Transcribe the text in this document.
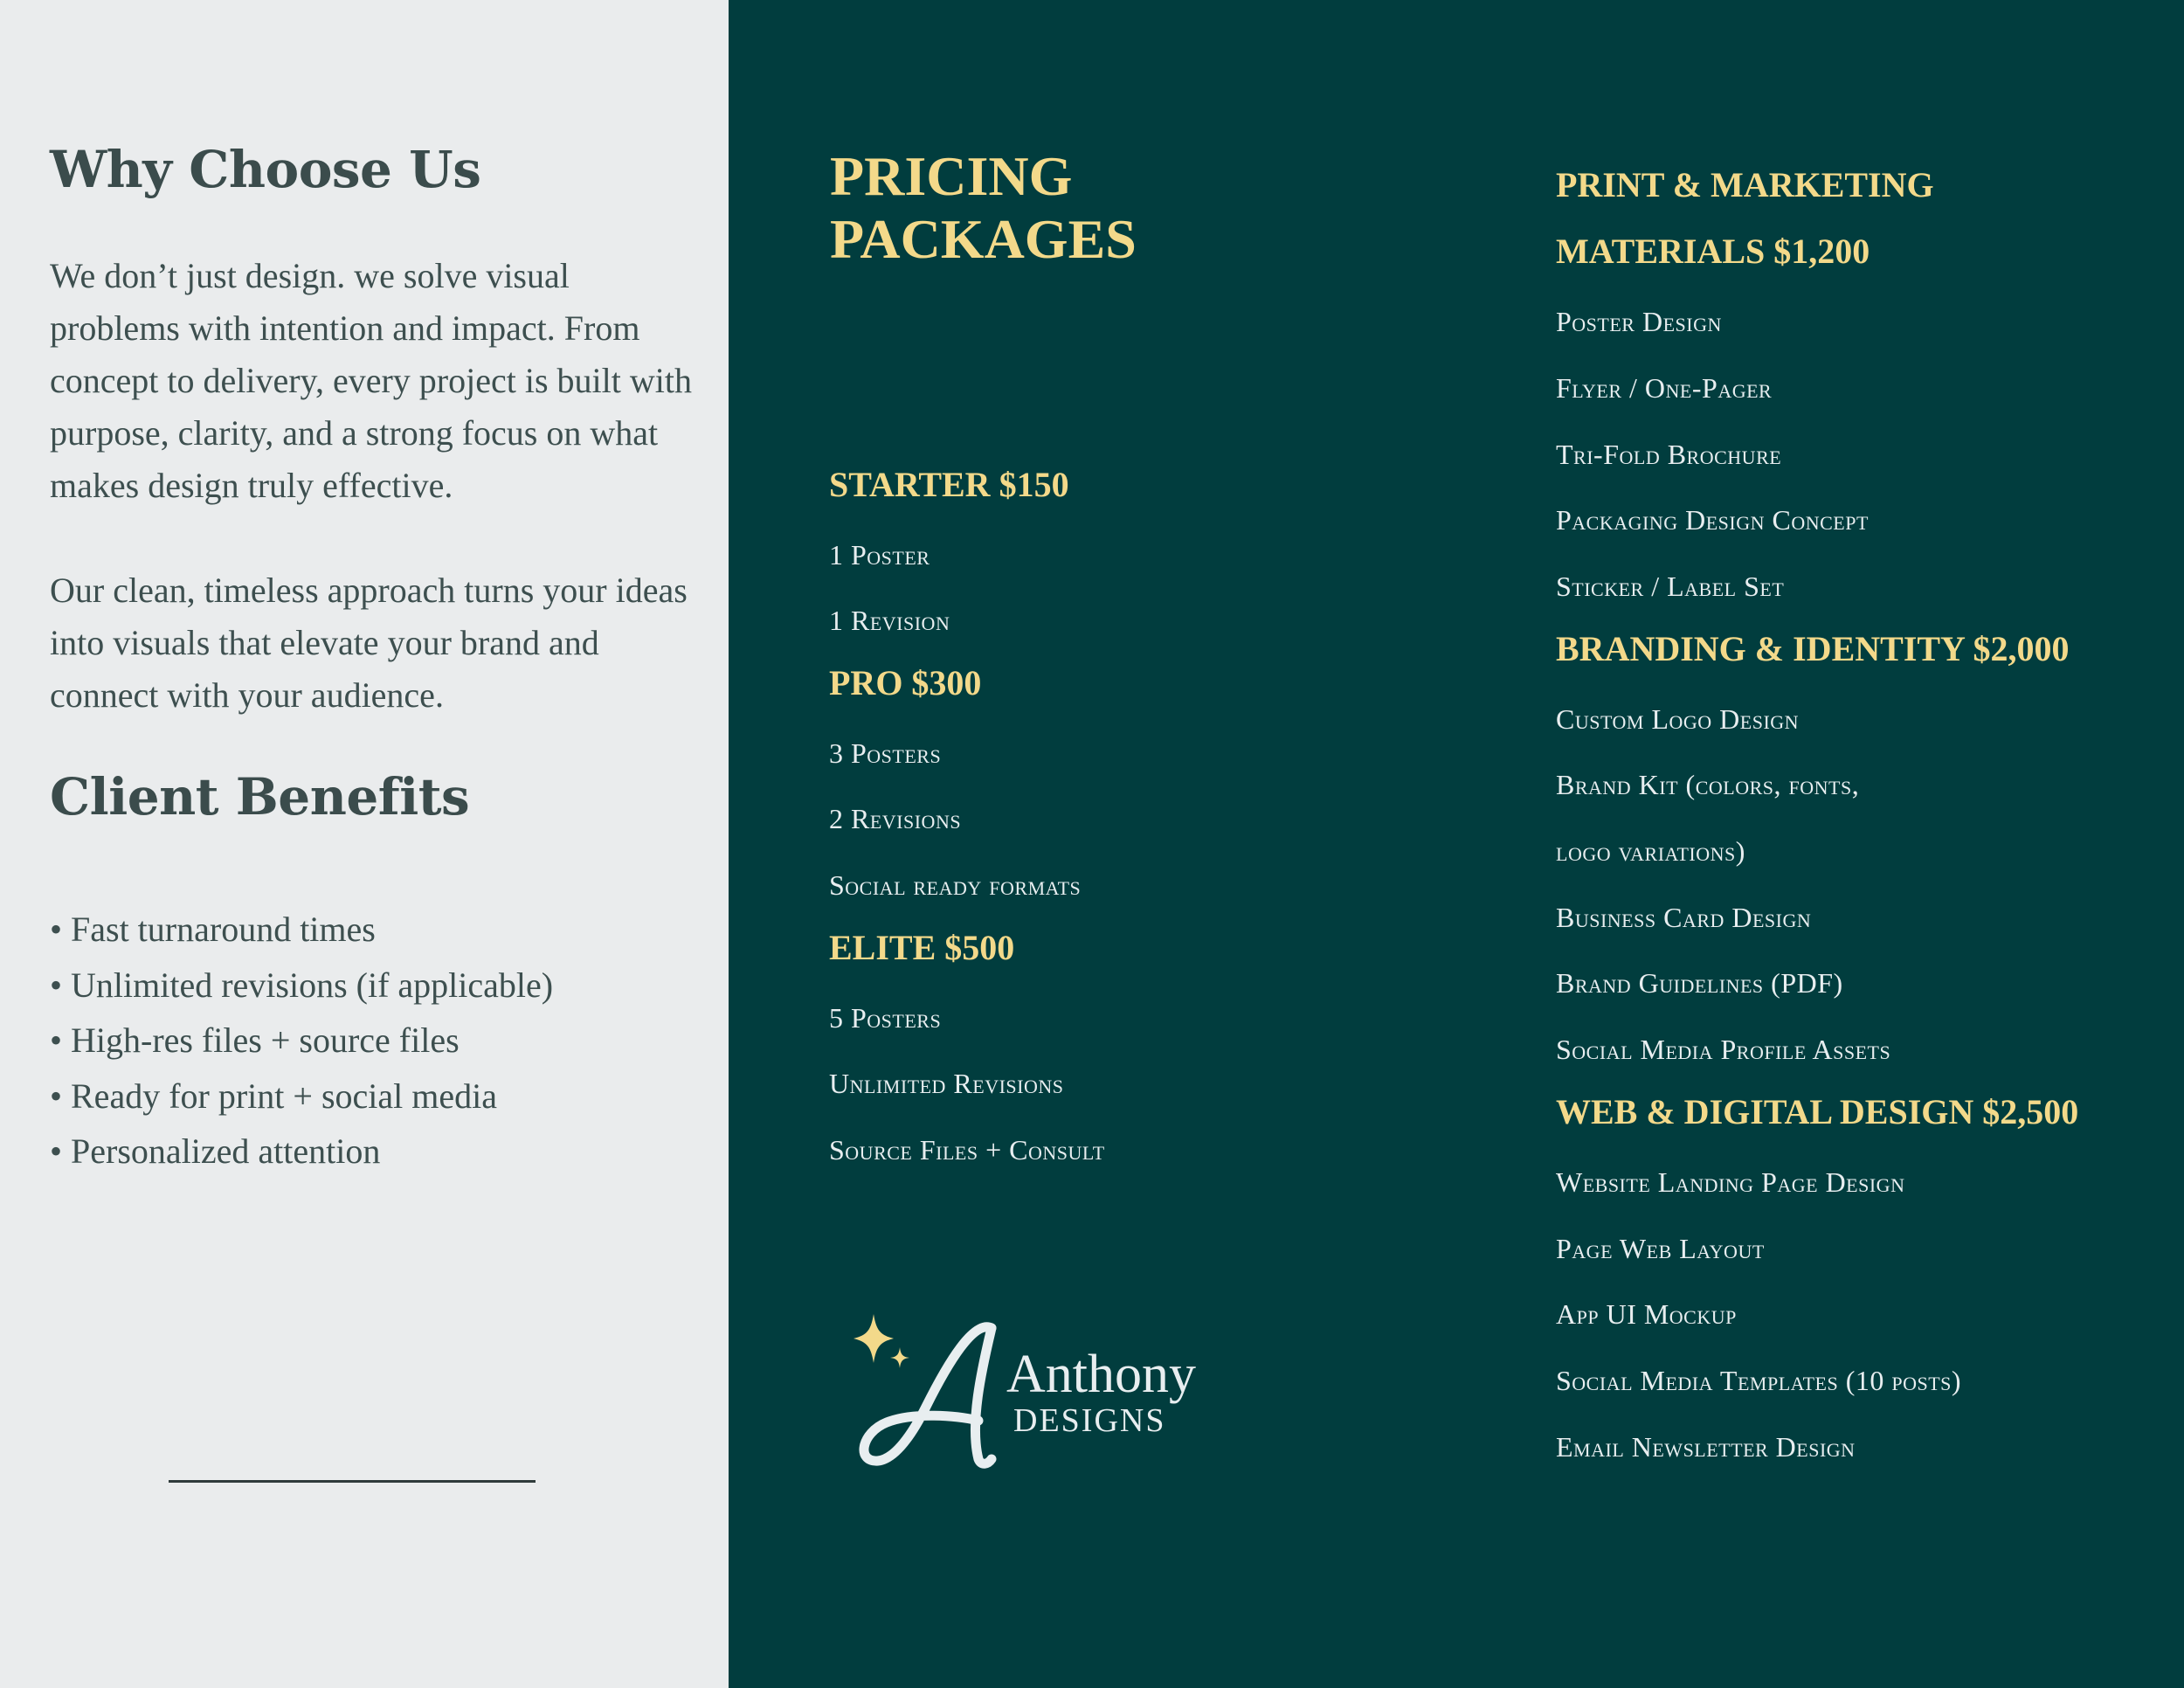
Why Choose Us

We don’t just design. we solve visual problems with intention and impact. From concept to delivery, every project is built with purpose, clarity, and a strong focus on what makes design truly effective.

Our clean, timeless approach turns your ideas into visuals that elevate your brand and connect with your audience.

Client Benefits
• Fast turnaround times
• Unlimited revisions (if applicable)
• High-res files + source files
• Ready for print + social media
• Personalized attention
PRICING
PACKAGES
STARTER $150

1 Poster

1 Revision

PRO $300

3 Posters

2 Revisions

Social ready formats

ELITE $500

5 Posters

Unlimited Revisions

Source Files + Consult

Anthony

DESIGNS

PRINT & MARKETING
MATERIALS $1,200

Poster Design

Flyer / One-Pager

Tri-Fold Brochure

Packaging Design Concept

Sticker / Label Set

BRANDING & IDENTITY $2,000

Custom Logo Design

Brand Kit (colors, fonts,

logo variations)

Business Card Design

Brand Guidelines (PDF)

Social Media Profile Assets

WEB & DIGITAL DESIGN $2,500

Website Landing Page Design

Page Web Layout

App UI Mockup

Social Media Templates (10 posts)

Email Newsletter Design
